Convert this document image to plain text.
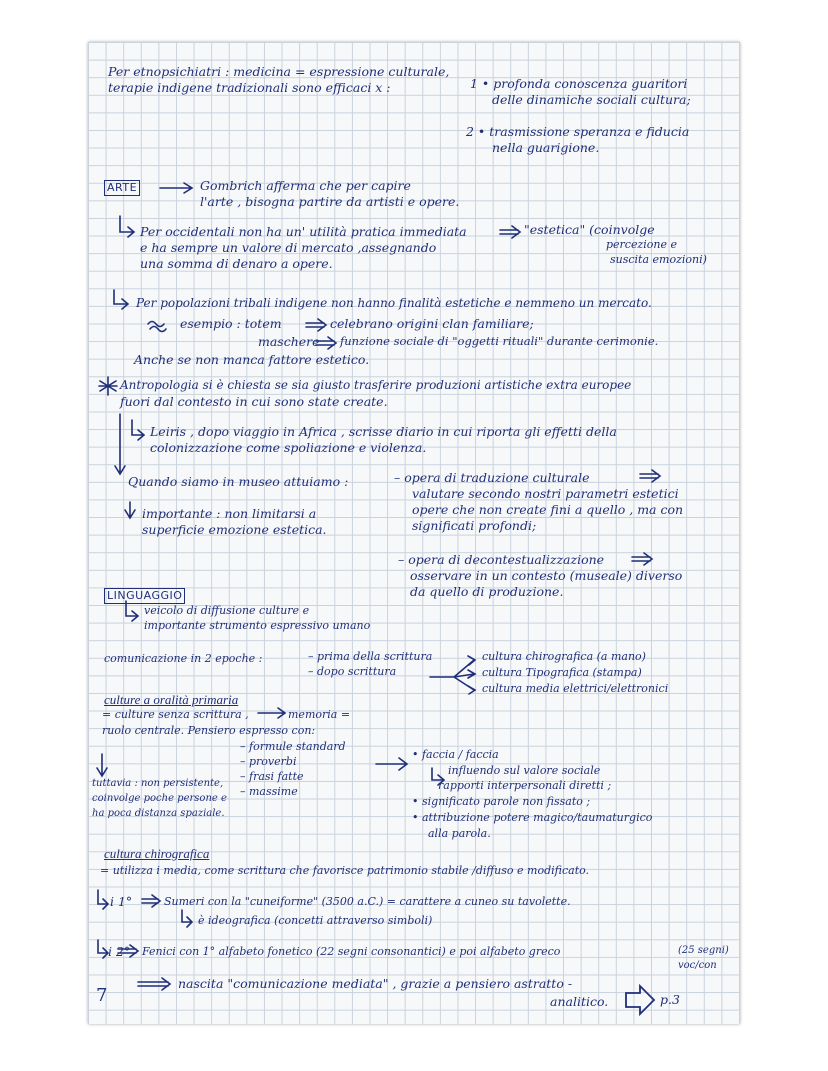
Per etnopsichiatri : medicina = espressione culturale,
terapie indigene tradizionali sono efficaci x :	1 • profonda conoscenza guaritori
delle dinamiche sociali cultura;
2 • trasmissione speranza e fiducia
nella guarigione.
ARTE	Gombrich afferma che per capire
l'arte , bisogna partire da artisti e opere.
Per occidentali non ha un' utilità pratica immediata
e ha sempre un valore di mercato ,assegnando
una somma di denaro a opere.
"estetica" (coinvolge
percezione e
suscita emozioni)
Per popolazioni tribali indigene non hanno finalità estetiche e nemmeno un mercato.
esempio : totem	celebrano origini clan familiare;
maschere funzione sociale di "oggetti rituali" durante cerimonie.
Anche se non manca fattore estetico.
Antropologia si è chiesta se sia giusto trasferire produzioni artistiche extra europee
fuori dal contesto in cui sono state create.
Leiris , dopo viaggio in Africa , scrisse diario in cui riporta gli effetti della
colonizzazione come spoliazione e violenza.
Quando siamo in museo attuiamo :	– opera di traduzione culturale
valutare secondo nostri parametri estetici
opere che non create fini a quello , ma con
significati profondi;
importante : non limitarsi a
superficie emozione estetica.
– opera di decontestualizzazione
osservare in un contesto (museale) diverso
da quello di produzione.
LINGUAGGIO
veicolo di diffusione culture e
importante strumento espressivo umano
comunicazione in 2 epoche :	– prima della scrittura
– dopo scrittura
cultura chirografica (a mano)
cultura Tipografica (stampa)
cultura media elettrici/elettronici
culture a oralità primaria
= culture senza scrittura ,	memoria =
ruolo centrale. Pensiero espresso con:
– formule standard
– proverbi
– frasi fatte
– massime
tuttavia : non persistente,
coinvolge poche persone e
ha poca distanza spaziale.
• faccia / faccia
influendo sul valore sociale
rapporti interpersonali diretti ;
• significato parole non fissato ;
• attribuzione potere magico/taumaturgico
alla parola.
cultura chirografica
= utilizza i media, come scrittura che favorisce patrimonio stabile /diffuso e modificato.
i 1°	Sumeri con la "cuneiforme" (3500 a.C.) = carattere a cuneo su tavolette.
è ideografica (concetti attraverso simboli)
i 2° Fenici con 1° alfabeto fonetico (22 segni consonantici) e poi alfabeto greco	(25 segni)
voc/con
nascita "comunicazione mediata" , grazie a pensiero astratto -
analitico.	p.3
7
